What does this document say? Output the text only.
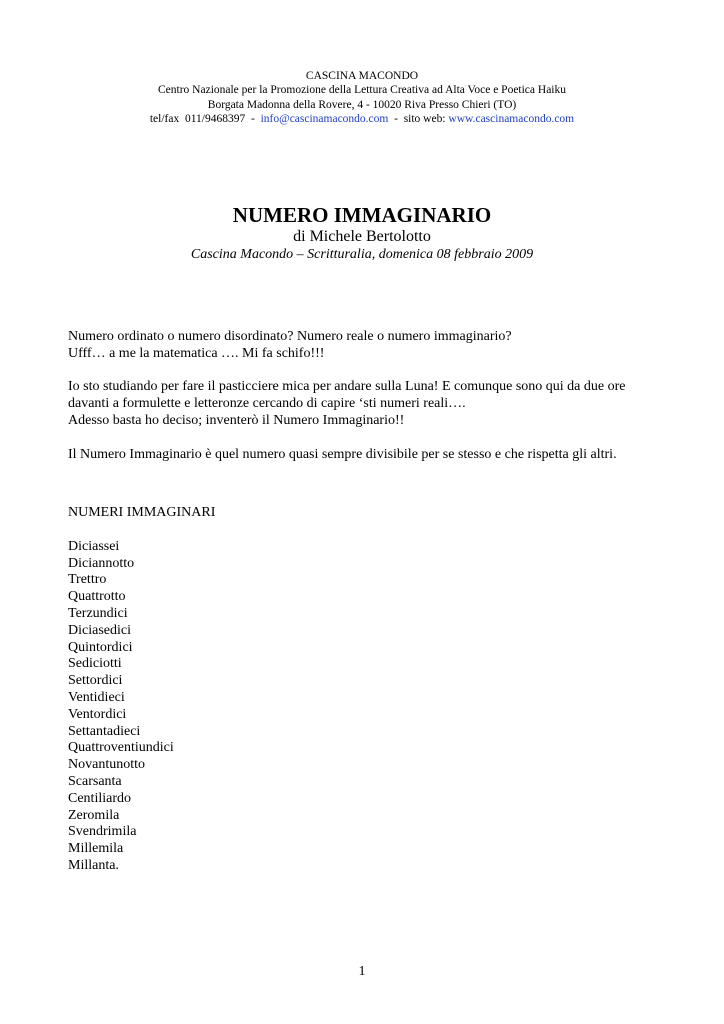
CASCINA MACONDO
Centro Nazionale per la Promozione della Lettura Creativa ad Alta Voce e Poetica Haiku
Borgata Madonna della Rovere, 4 - 10020 Riva Presso Chieri (TO)
tel/fax  011/9468397  -  info@cascinamacondo.com  -  sito web: www.cascinamacondo.com
NUMERO IMMAGINARIO
di Michele Bertolotto
Cascina Macondo – Scritturalia, domenica 08 febbraio 2009

Numero ordinato o numero disordinato? Numero reale o numero immaginario?

Ufff… a me la matematica …. Mi fa schifo!!!

Io sto studiando per fare il pasticciere mica per andare sulla Luna! E comunque sono qui da due ore

davanti a formulette e letteronze cercando di capire ‘sti numeri reali….

Adesso basta ho deciso; inventerò il Numero Immaginario!!

Il Numero Immaginario è quel numero quasi sempre divisibile per se stesso e che rispetta gli altri.

NUMERI IMMAGINARI

Diciassei
Diciannotto
Trettro
Quattrotto
Terzundici
Diciasedici
Quintordici
Sediciotti
Settordici
Ventidieci
Ventordici
Settantadieci
Quattroventiundici
Novantunotto
Scarsanta
Centiliardo
Zeromila
Svendrimila
Millemila
Millanta.
1
